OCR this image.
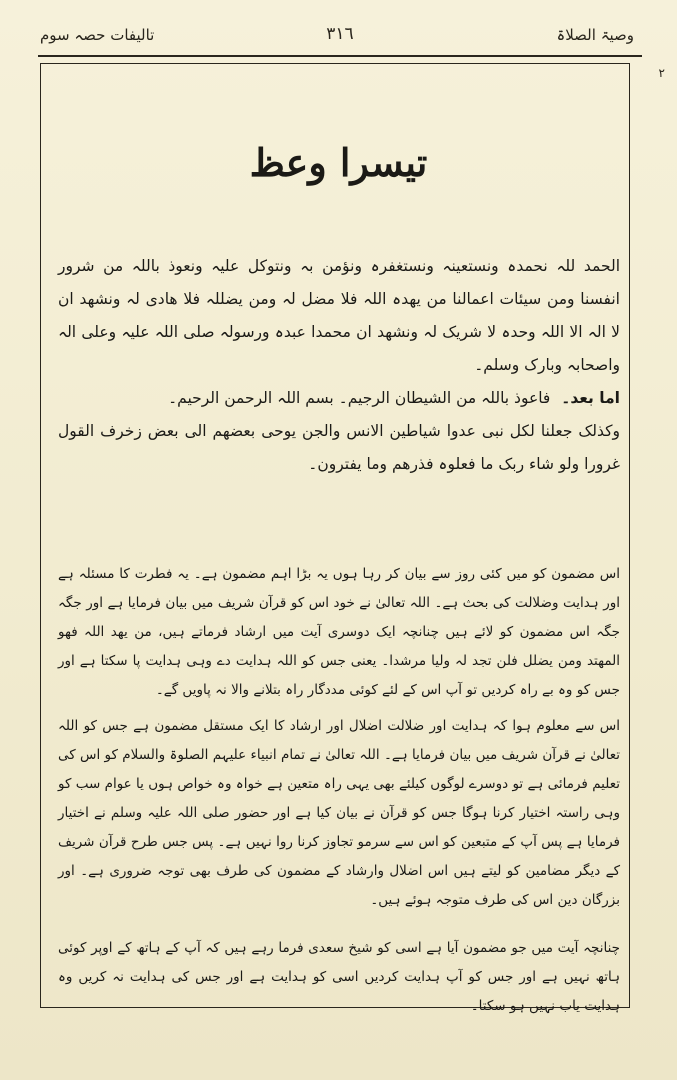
وصیۃ الصلاۃ
٣١٦
تالیفات حصہ سوم
۲
تیسرا وعظ
الحمد للہ نحمدہ ونستعینہ ونستغفرہ ونؤمن بہ ونتوکل علیہ ونعوذ باللہ من شرور انفسنا ومن سیئات اعمالنا من یھدہ اللہ فلا مضل لہ ومن یضللہ فلا ھادی لہ ونشھد ان لا الہ الا اللہ وحدہ لا شریک لہ ونشھد ان محمدا عبدہ ورسولہ صلی اللہ علیہ وعلی الہ واصحابہ وبارک وسلم۔
اما بعد۔ فاعوذ باللہ من الشیطان الرجیم۔ بسم اللہ الرحمن الرحیم۔
وکذلک جعلنا لکل نبی عدوا شیاطین الانس والجن یوحی بعضھم الی بعض زخرف القول غرورا ولو شاء ربک ما فعلوہ فذرھم وما یفترون۔
اس مضمون کو میں کئی روز سے بیان کر رہا ہوں یہ بڑا اہم مضمون ہے۔ یہ فطرت کا مسئلہ ہے اور ہدایت وضلالت کی بحث ہے۔ اللہ تعالیٰ نے خود اس کو قرآن شریف میں بیان فرمایا ہے اور جگہ جگہ اس مضمون کو لائے ہیں چنانچہ ایک دوسری آیت میں ارشاد فرماتے ہیں، من یھد اللہ فھو المھتد ومن یضلل فلن تجد لہ ولیا مرشدا۔ یعنی جس کو اللہ ہدایت دے وہی ہدایت پا سکتا ہے اور جس کو وہ بے راہ کردیں تو آپ اس کے لئے کوئی مددگار راہ بتلانے والا نہ پاویں گے۔
اس سے معلوم ہوا کہ ہدایت اور ضلالت اضلال اور ارشاد کا ایک مستقل مضمون ہے جس کو اللہ تعالیٰ نے قرآن شریف میں بیان فرمایا ہے۔ اللہ تعالیٰ نے تمام انبیاء علیہم الصلوۃ والسلام کو اس کی تعلیم فرمائی ہے تو دوسرے لوگوں کیلئے بھی یہی راہ متعین ہے خواہ وہ خواص ہوں یا عوام سب کو وہی راستہ اختیار کرنا ہوگا جس کو قرآن نے بیان کیا ہے اور حضور صلی اللہ علیہ وسلم نے اختیار فرمایا ہے پس آپ کے متبعین کو اس سے سرمو تجاوز کرنا روا نہیں ہے۔ پس جس طرح قرآن شریف کے دیگر مضامین کو لیتے ہیں اس اضلال وارشاد کے مضمون کی طرف بھی توجہ ضروری ہے۔ اور بزرگان دین اس کی طرف متوجہ ہوئے ہیں۔
چنانچہ آیت میں جو مضمون آیا ہے اسی کو شیخ سعدی فرما رہے ہیں کہ آپ کے ہاتھ کے اوپر کوئی ہاتھ نہیں ہے اور جس کو آپ ہدایت کردیں اسی کو ہدایت ہے اور جس کی ہدایت نہ کریں وہ ہدایت یاب نہیں ہو سکتا۔
